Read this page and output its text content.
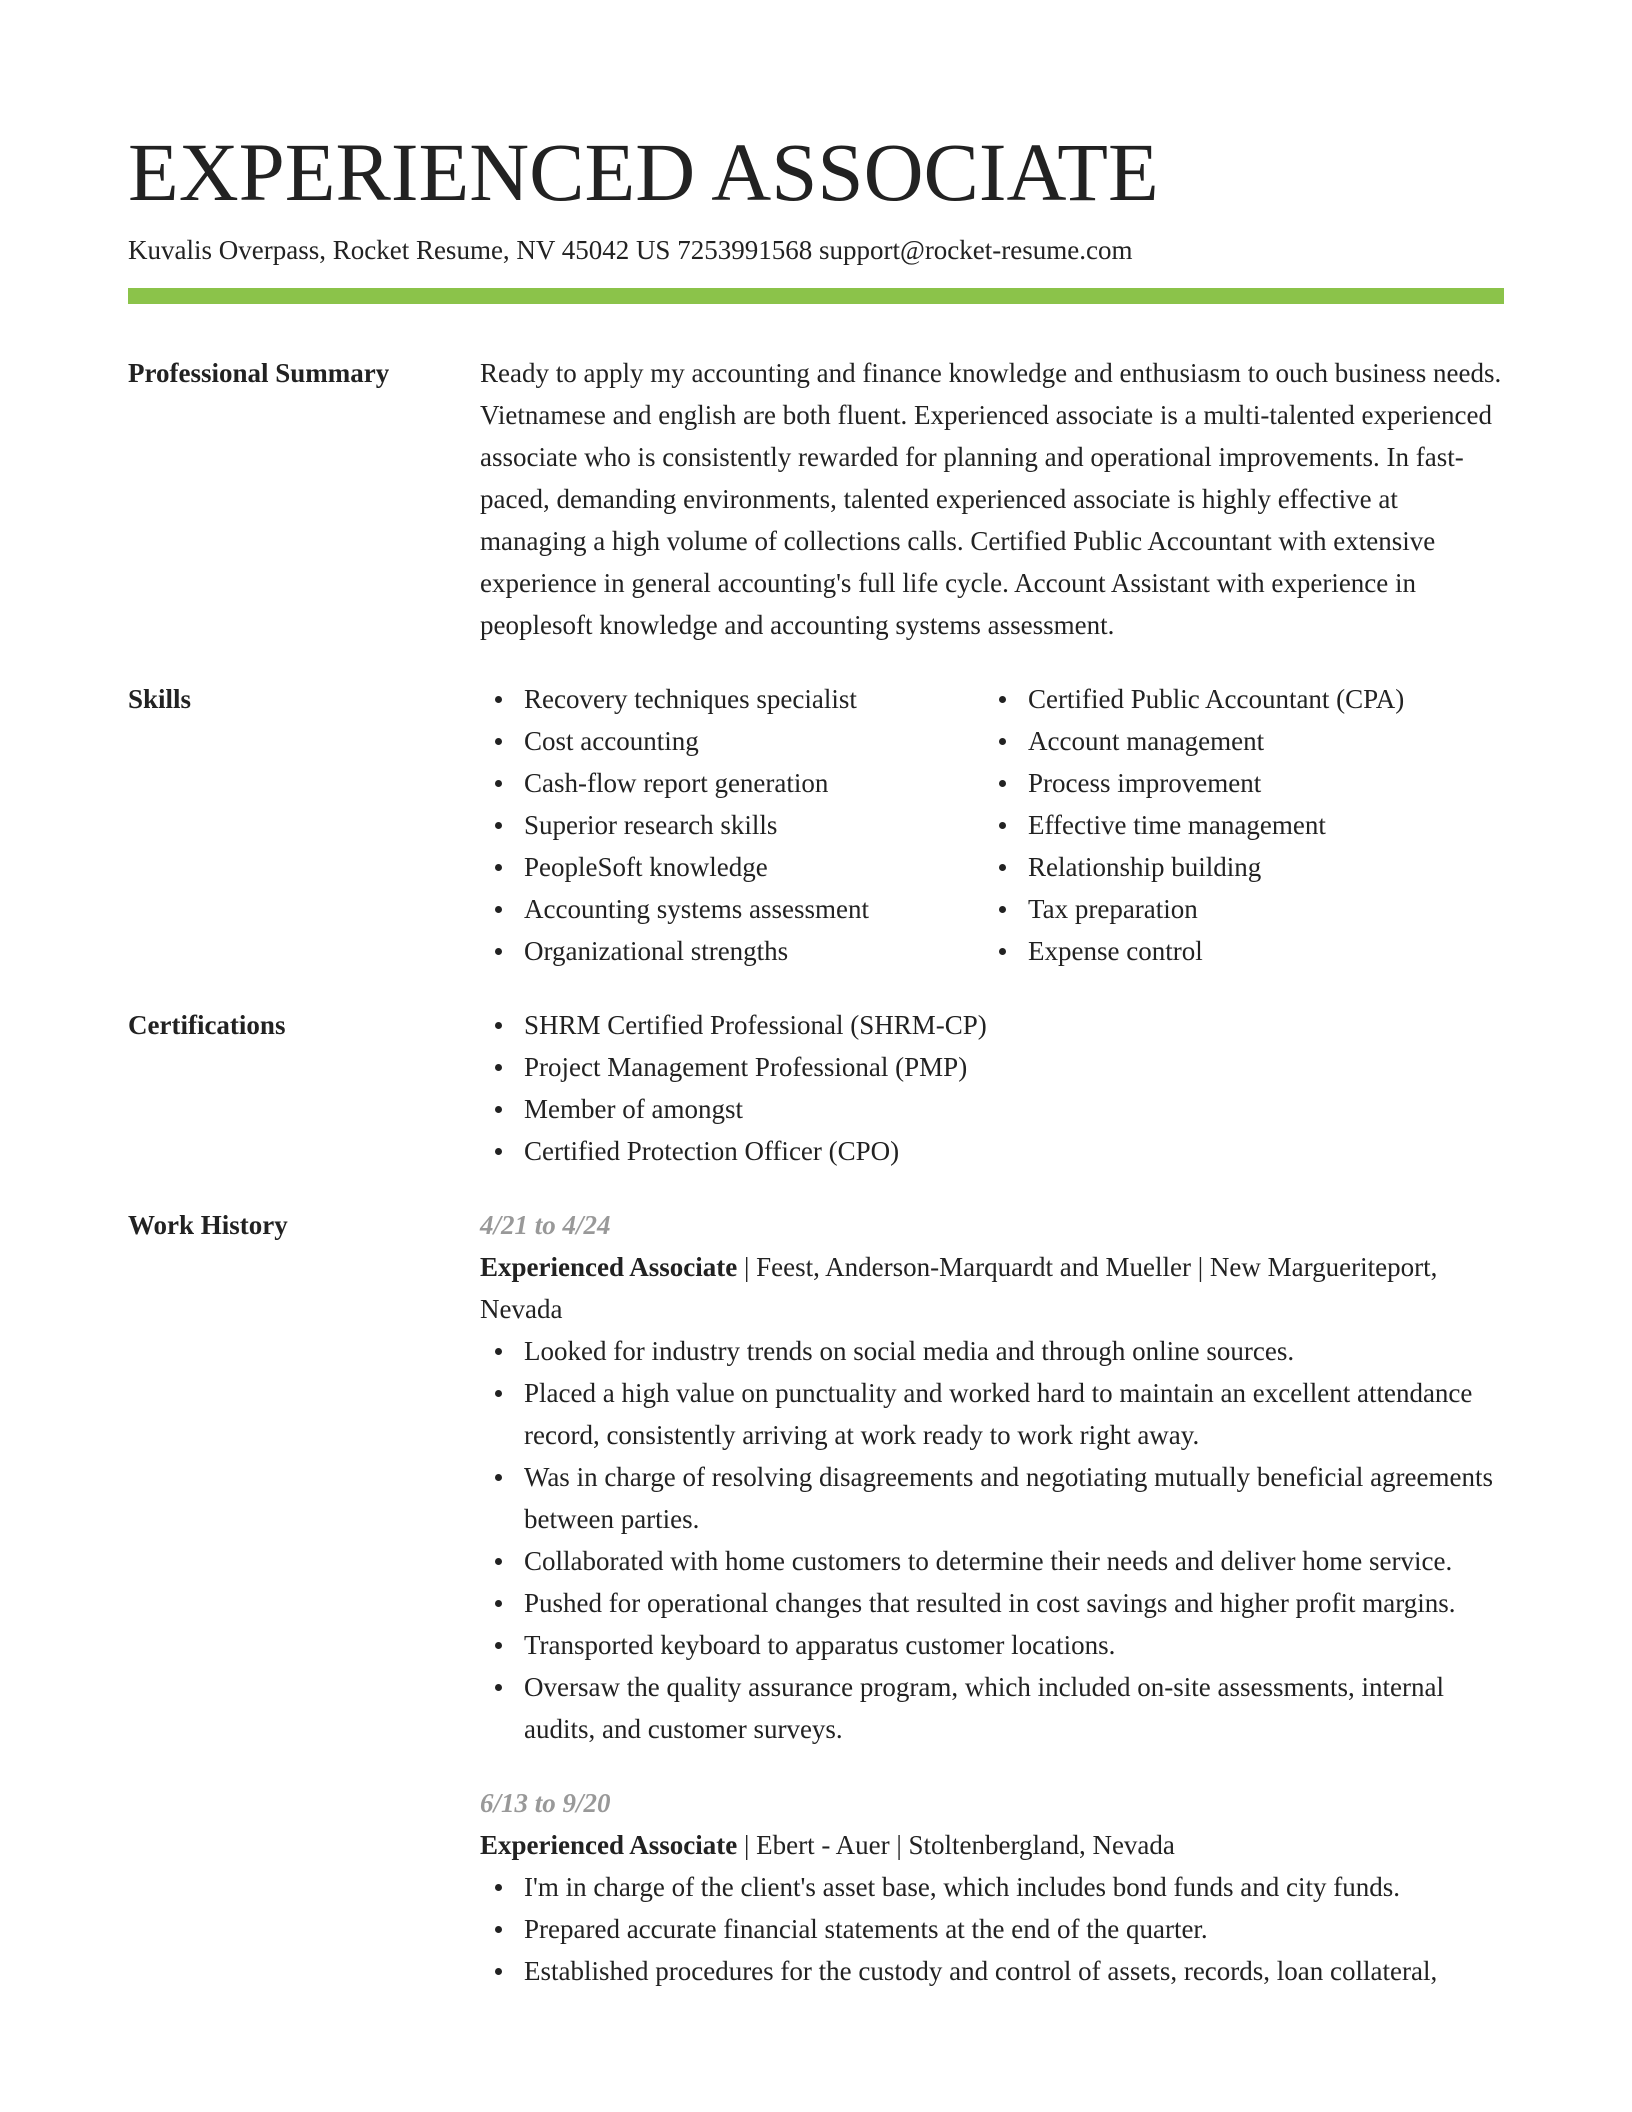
EXPERIENCED ASSOCIATE
Kuvalis Overpass, Rocket Resume, NV 45042 US 7253991568 support@rocket-resume.com
Professional Summary	Ready to apply my accounting and finance knowledge and enthusiasm to ouch business needs. Vietnamese and english are both fluent. Experienced associate is a multi-talented experienced associate who is consistently rewarded for planning and operational improvements. In fast-paced, demanding environments, talented experienced associate is highly effective at managing a high volume of collections calls. Certified Public Accountant with extensive experience in general accounting's full life cycle. Account Assistant with experience in peoplesoft knowledge and accounting systems assessment.
Skills	Recovery techniques specialist
Cost accounting
Cash-flow report generation
Superior research skills
PeopleSoft knowledge
Accounting systems assessment
Organizational strengths
Certified Public Accountant (CPA)
Account management
Process improvement
Effective time management
Relationship building
Tax preparation
Expense control
Certifications	SHRM Certified Professional (SHRM-CP)
Project Management Professional (PMP)
Member of amongst
Certified Protection Officer (CPO)
Work History	4/21 to 4/24
Experienced Associate | Feest, Anderson-Marquardt and Mueller | New Margueriteport, Nevada
Looked for industry trends on social media and through online sources.
Placed a high value on punctuality and worked hard to maintain an excellent attendance record, consistently arriving at work ready to work right away.
Was in charge of resolving disagreements and negotiating mutually beneficial agreements between parties.
Collaborated with home customers to determine their needs and deliver home service.
Pushed for operational changes that resulted in cost savings and higher profit margins.
Transported keyboard to apparatus customer locations.
Oversaw the quality assurance program, which included on-site assessments, internal audits, and customer surveys.
6/13 to 9/20
Experienced Associate | Ebert - Auer | Stoltenbergland, Nevada
I'm in charge of the client's asset base, which includes bond funds and city funds.
Prepared accurate financial statements at the end of the quarter.
Established procedures for the custody and control of assets, records, loan collateral,
